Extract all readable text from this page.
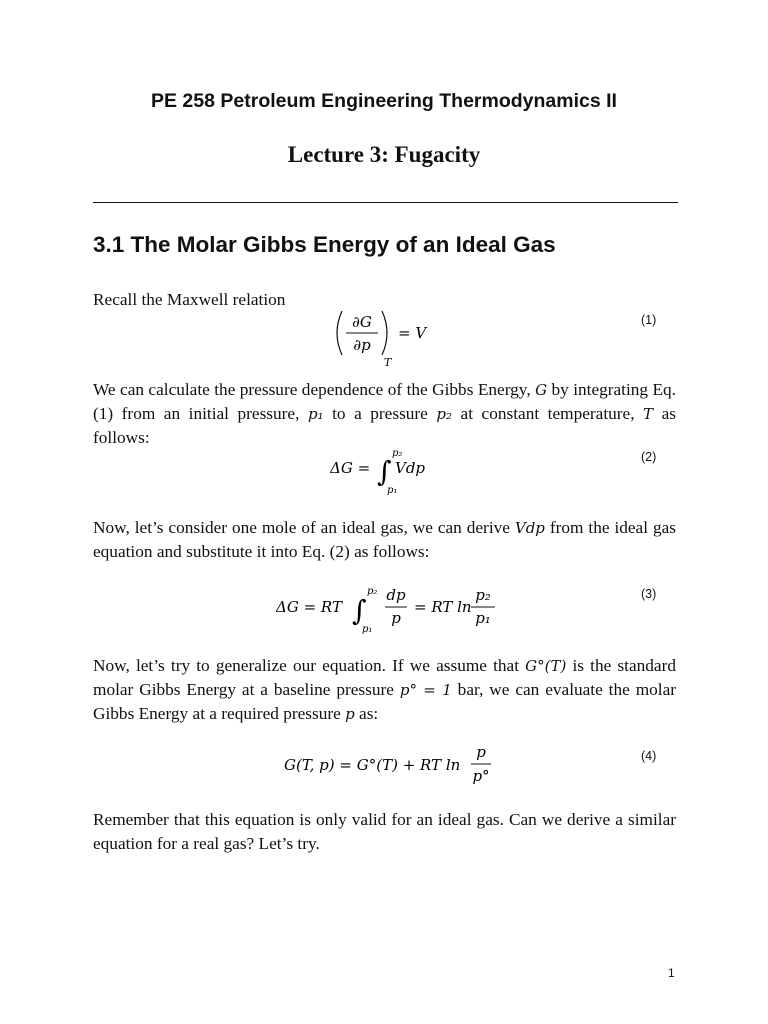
PE 258 Petroleum Engineering Thermodynamics II
Lecture 3: Fugacity
3.1 The Molar Gibbs Energy of an Ideal Gas
Recall the Maxwell relation
∂G
∂p
T
= V
(1)
We can calculate the pressure dependence of the Gibbs Energy, G by integrating Eq. (1) from an initial pressure, p₁ to a pressure p₂ at constant temperature, T as follows:
ΔG = ∫
p₂
p₁
Vdp
(2)
Now, let’s consider one mole of an ideal gas, we can derive Vdp from the ideal gas equation and substitute it into Eq. (2) as follows:
ΔG = RT ∫
p₂
p₁
dp
p
= RT ln
p₂
p₁
(3)
Now, let’s try to generalize our equation. If we assume that G°(T) is the standard molar Gibbs Energy at a baseline pressure p° = 1 bar, we can evaluate the molar Gibbs Energy at a required pressure p as:
G(T, p) = G°(T) + RT ln
p
p°
(4)
Remember that this equation is only valid for an ideal gas. Can we derive a similar equation for a real gas? Let’s try.
1
